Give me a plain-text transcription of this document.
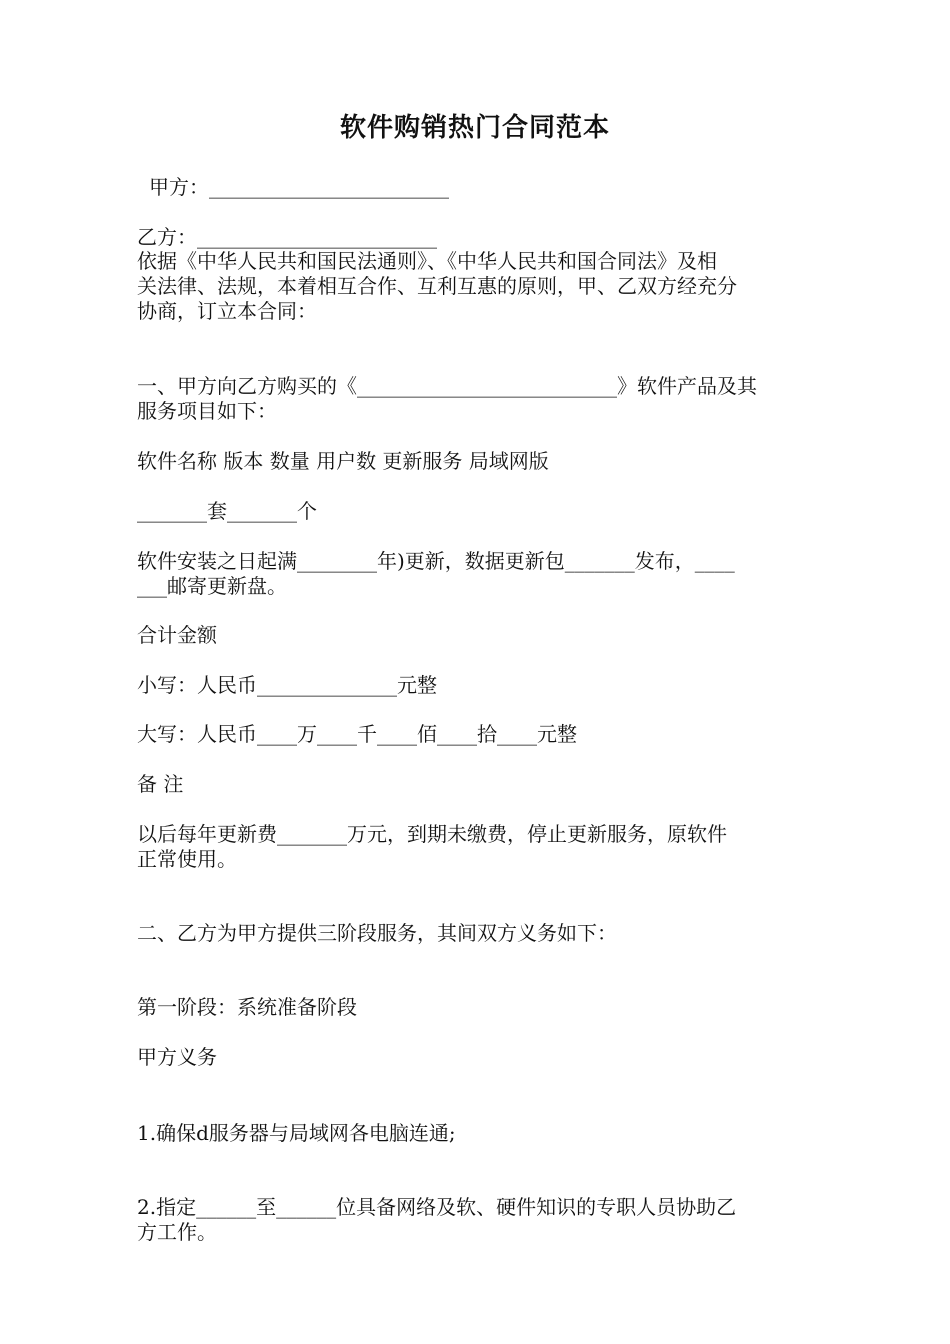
软件购销热门合同范本
甲方：________________________
乙方：________________________
依据《中华人民共和国民法通则》、《中华人民共和国合同法》及相
关法律、法规，本着相互合作、互利互惠的原则，甲、乙双方经充分
协商，订立本合同：
一、甲方向乙方购买的《__________________________》软件产品及其
服务项目如下：
软件名称 版本 数量 用户数 更新服务 局域网版
_______套_______个
软件安装之日起满________年)更新，数据更新包_______发布，____
___邮寄更新盘。
合计金额
小写：人民币______________元整
大写：人民币____万____千____佰____拾____元整
备 注
以后每年更新费_______万元，到期未缴费，停止更新服务，原软件
正常使用。
二、乙方为甲方提供三阶段服务，其间双方义务如下：
第一阶段：系统准备阶段
甲方义务
1.确保d服务器与局域网各电脑连通;
2.指定______至______位具备网络及软、硬件知识的专职人员协助乙
方工作。
